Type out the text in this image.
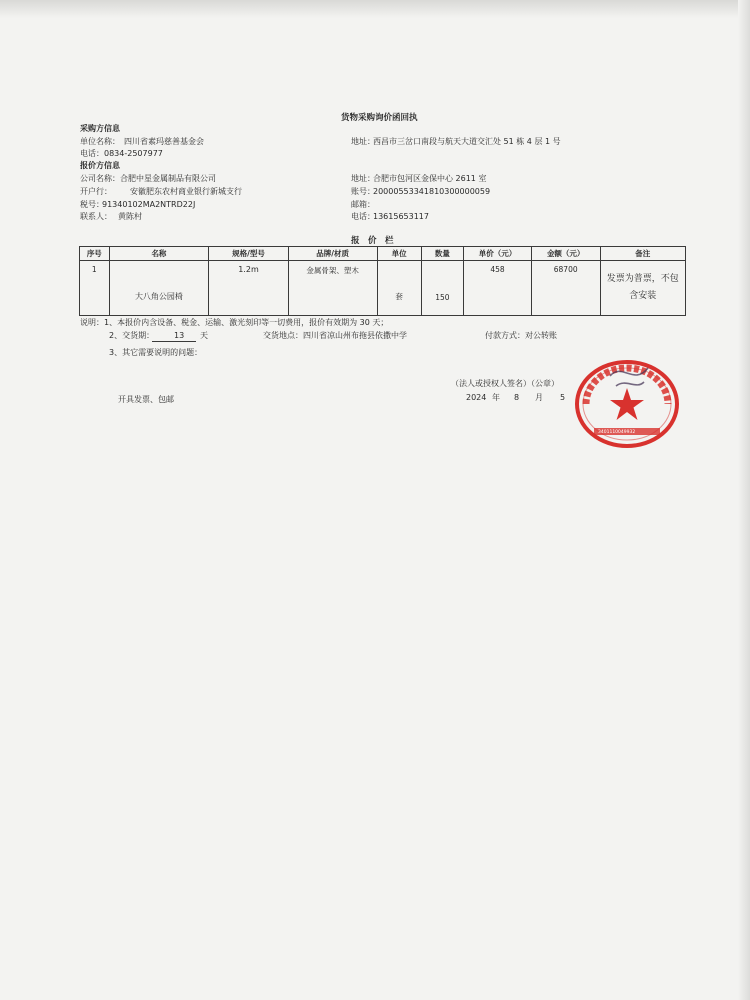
货物采购询价函回执
采购方信息
单位名称： 四川省素玛慈善基金会	地址：
西昌市三岔口南段与航天大道交汇处 51 栋 4 层 1 号
电话： 0834-2507977
报价方信息
公司名称： 合肥中星金属制品有限公司	地址：
合肥市包河区金保中心 2611 室
开户行： 安徽肥东农村商业银行新城支行	账号：
20000553341810300000059
税号：
91340102MA2NTRD22J	邮箱：
联系人： 黄陈村	电话：
13615653117
报　价　栏
序号	名称	规格/型号	品牌/材质	单位	数量	单价（元）	金额（元）	备注

1	大八角公园椅	1.2m	金属骨架、塑木	套	150	458	68700	发票为普票，不包含安装
说明：1、本报价内含设备、税金、运输、激光刻印等一切费用，报价有效期为 30 天；
2、交货期： 13 天	交货地点：四川省凉山州布拖县依撒中学	付款方式：对公转账
3、其它需要说明的问题：
开具发票、包邮
（法人或授权人签名）（公章）
2024 年 8 月 5
3401110049932
